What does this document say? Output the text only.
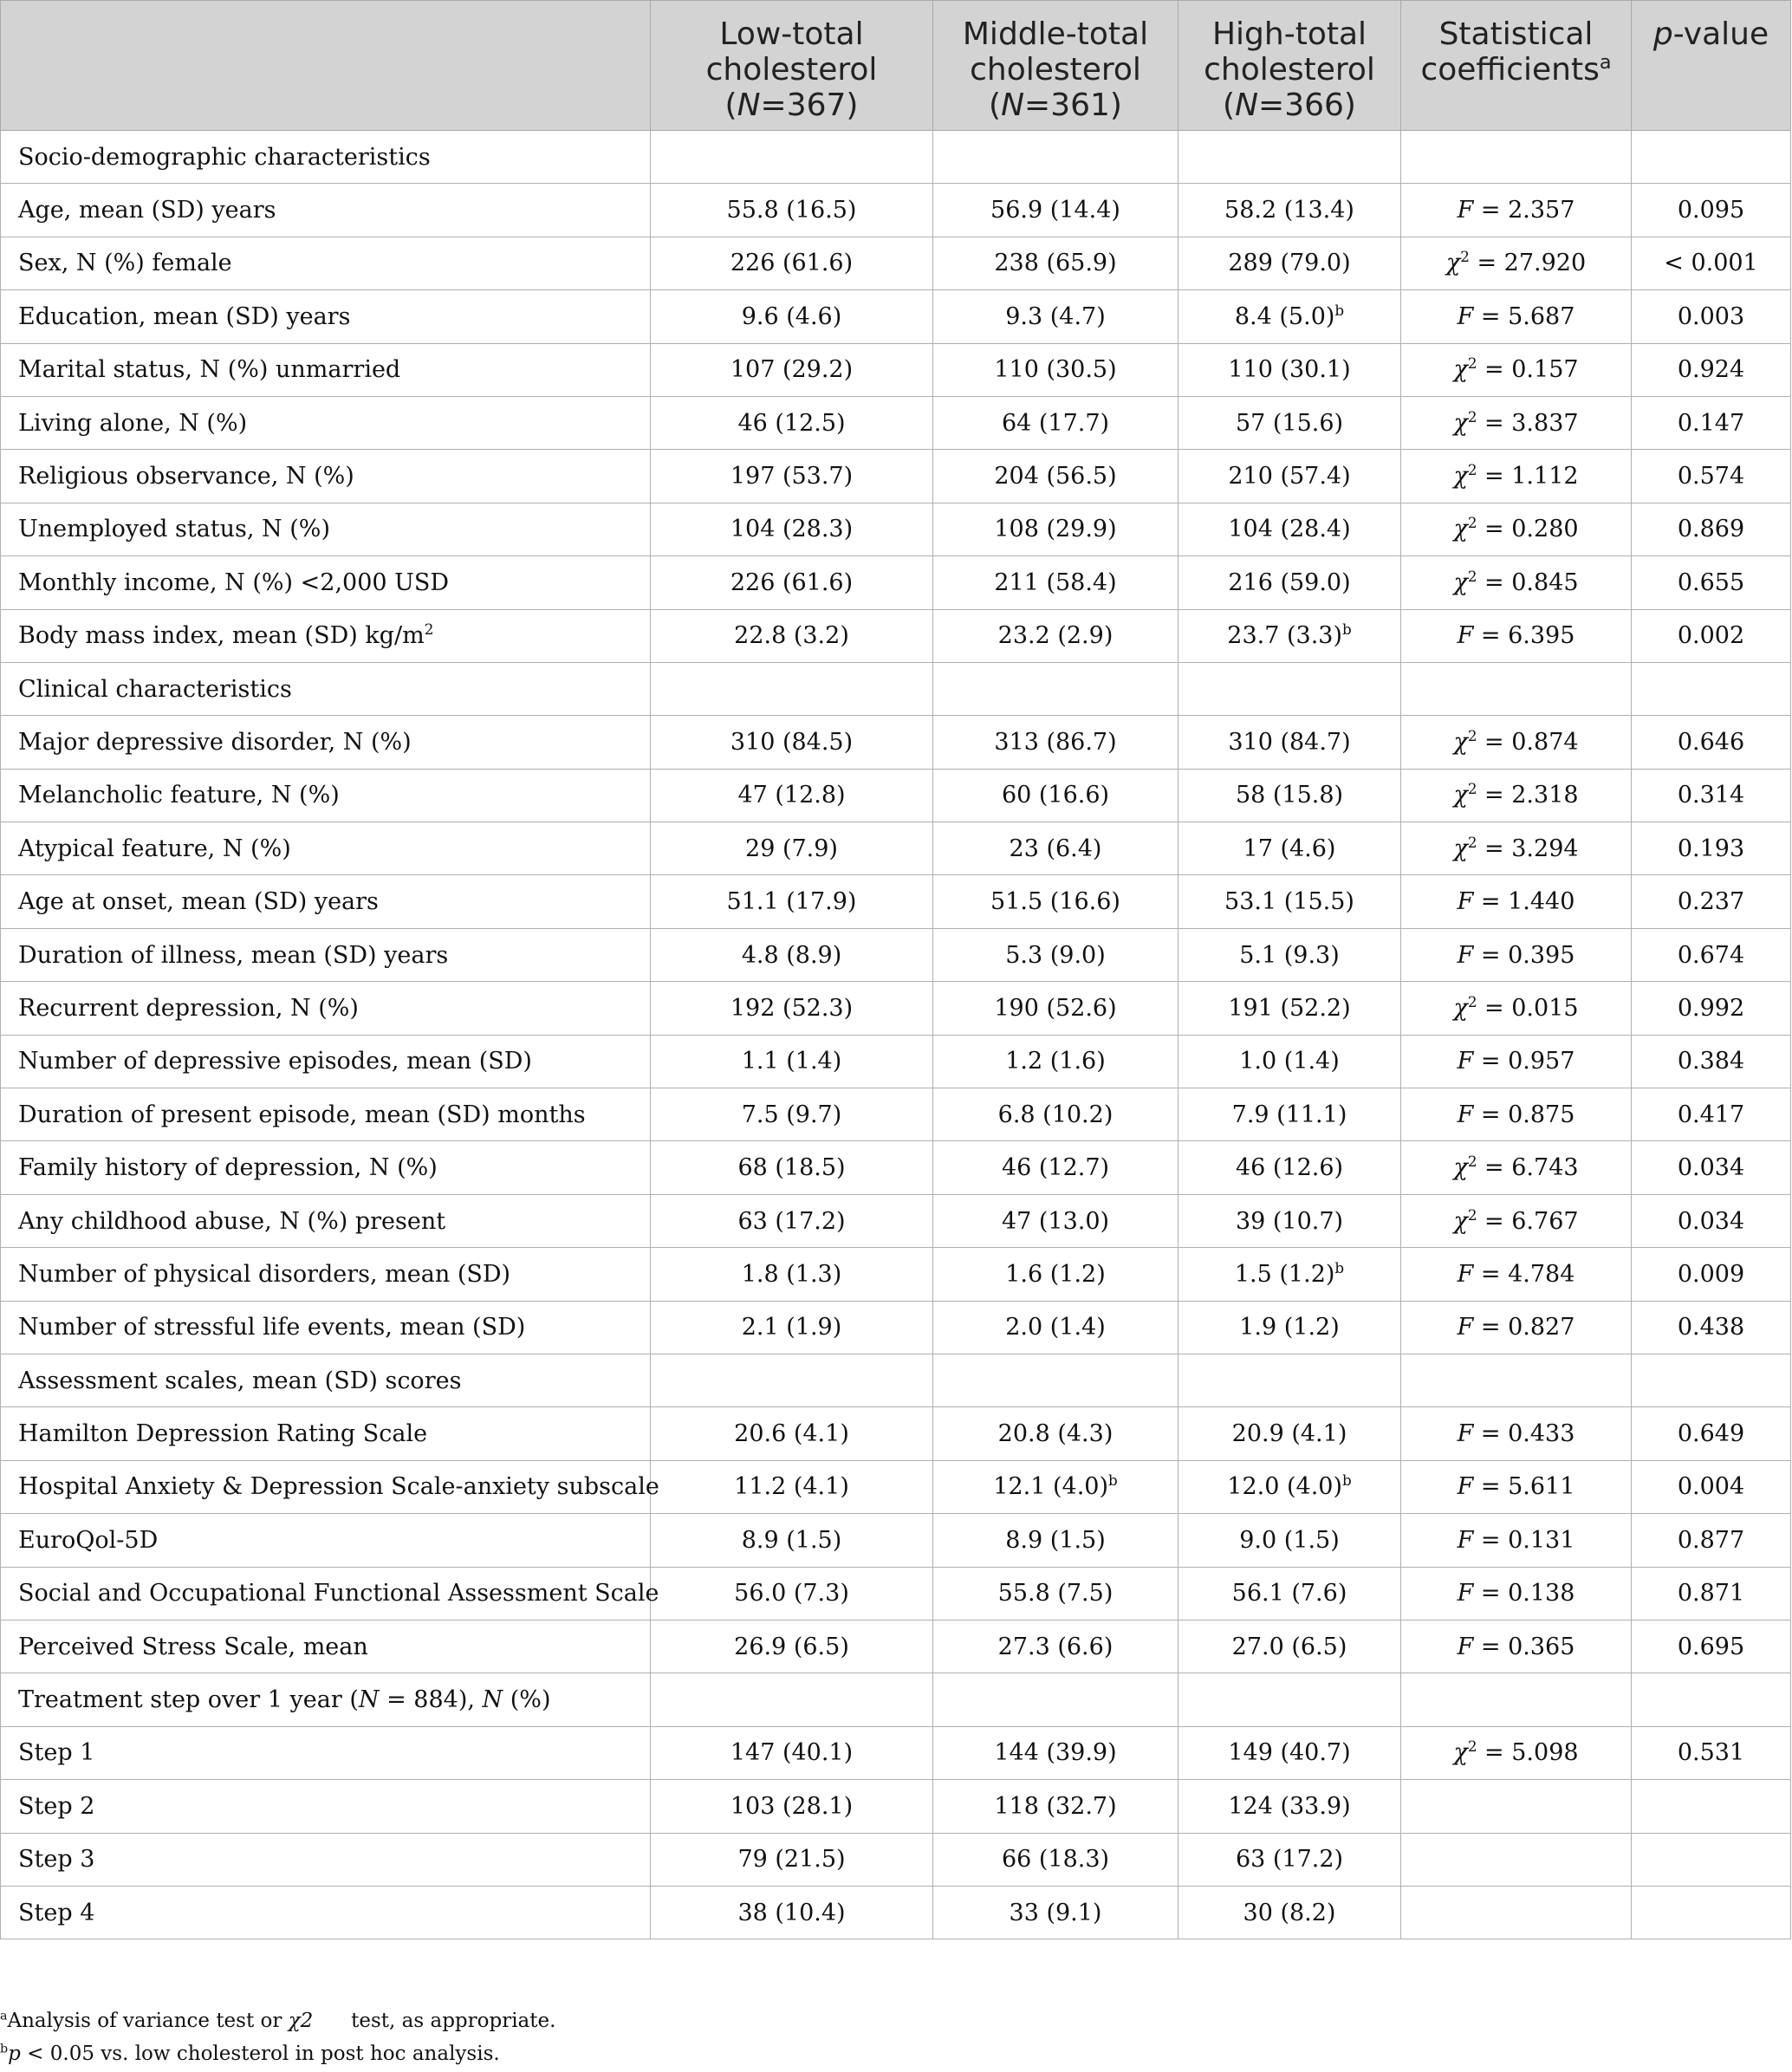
	Low-total
cholesterol
(N=367)	Middle-total
cholesterol
(N=361)	High-total
cholesterol
(N=366)	Statistical
coefficients$^a$	p-value
Socio-demographic characteristics					
Age, mean (SD) years	55.8 (16.5)	56.9 (14.4)	58.2 (13.4)	F = 2.357	0.095
Sex, N (%) female	226 (61.6)	238 (65.9)	289 (79.0)	$\chi^2 = 27.920$	< 0.001
Education, mean (SD) years	9.6 (4.6)	9.3 (4.7)	8.4 $(5.0)^b$	F = 5.687	0.003
Marital status, N (%) unmarried	107 (29.2)	110 (30.5)	110 (30.1)	$\chi^2 = 0.157$	0.924
Living alone, N (%)	46 (12.5)	64 (17.7)	57 (15.6)	$\chi^2 = 3.837$	0.147
Religious observance, N (%)	197 (53.7)	204 (56.5)	210 (57.4)	$\chi^2 = 1.112$	0.574
Unemployed status, N (%)	104 (28.3)	108 (29.9)	104 (28.4)	$\chi^2 = 0.280$	0.869
Monthly income, N (%) <2,000 USD	226 (61.6)	211 (58.4)	216 (59.0)	$\chi^2 = 0.845$	0.655
Body mass index, mean (SD) $kg/m^2$	22.8 (3.2)	23.2 (2.9)	23.7 $(3.3)^b$	F = 6.395	0.002
Clinical characteristics					
Major depressive disorder, N (%)	310 (84.5)	313 (86.7)	310 (84.7)	$\chi^2 = 0.874$	0.646
Melancholic feature, N (%)	47 (12.8)	60 (16.6)	58 (15.8)	$\chi^2 = 2.318$	0.314
Atypical feature, N (%)	29 (7.9)	23 (6.4)	17 (4.6)	$\chi^2 = 3.294$	0.193
Age at onset, mean (SD) years	51.1 (17.9)	51.5 (16.6)	53.1 (15.5)	F = 1.440	0.237
Duration of illness, mean (SD) years	4.8 (8.9)	5.3 (9.0)	5.1 (9.3)	F = 0.395	0.674
Recurrent depression, N (%)	192 (52.3)	190 (52.6)	191 (52.2)	$\chi^2 = 0.015$	0.992
Number of depressive episodes, mean (SD)	1.1 (1.4)	1.2 (1.6)	1.0 (1.4)	F = 0.957	0.384
Duration of present episode, mean (SD) months	7.5 (9.7)	6.8 (10.2)	7.9 (11.1)	F = 0.875	0.417
Family history of depression, N (%)	68 (18.5)	46 (12.7)	46 (12.6)	$\chi^2 = 6.743$	0.034
Any childhood abuse, N (%) present	63 (17.2)	47 (13.0)	39 (10.7)	$\chi^2 = 6.767$	0.034
Number of physical disorders, mean (SD)	1.8 (1.3)	1.6 (1.2)	1.5 $(1.2)^b$	F = 4.784	0.009
Number of stressful life events, mean (SD)	2.1 (1.9)	2.0 (1.4)	1.9 (1.2)	F = 0.827	0.438
Assessment scales, mean (SD) scores					
Hamilton Depression Rating Scale	20.6 (4.1)	20.8 (4.3)	20.9 (4.1)	F = 0.433	0.649
Hospital Anxiety & Depression Scale-anxiety subscale	11.2 (4.1)	12.1 $(4.0)^b$	12.0 $(4.0)^b$	F = 5.611	0.004
EuroQol-5D	8.9 (1.5)	8.9 (1.5)	9.0 (1.5)	F = 0.131	0.877
Social and Occupational Functional Assessment Scale	56.0 (7.3)	55.8 (7.5)	56.1 (7.6)	F = 0.138	0.871
Perceived Stress Scale, mean	26.9 (6.5)	27.3 (6.6)	27.0 (6.5)	F = 0.365	0.695
Treatment step over 1 year (N = 884), N (%)					
Step 1	147 (40.1)	144 (39.9)	149 (40.7)	$\chi^2 = 5.098$	0.531
Step 2	103 (28.1)	118 (32.7)	124 (33.9)		
Step 3	79 (21.5)	66 (18.3)	63 (17.2)		
Step 4	38 (10.4)	33 (9.1)	30 (8.2)		
$^a$Analysis of variance test or χ2      test, as appropriate.
$^b$p < 0.05 vs. low cholesterol in post hoc analysis.
